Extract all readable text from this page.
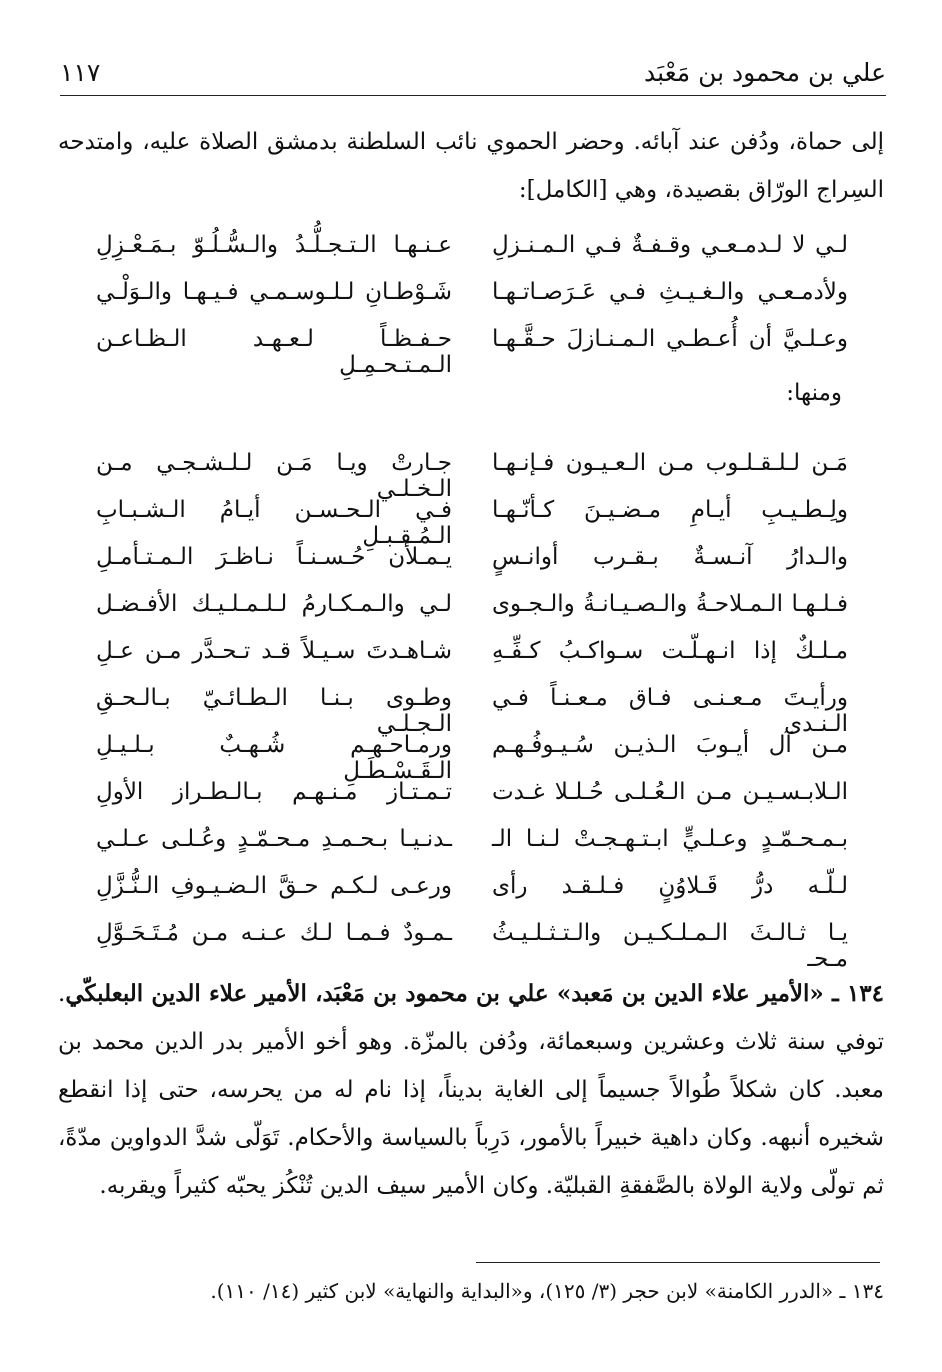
علي بن محمود بن مَعْبَد
١١٧
إلى حماة، ودُفن عند آبائه. وحضر الحموي نائب السلطنة بدمشق الصلاة عليه، وامتدحه السِراج الورّاق بقصيدة، وهي [الكامل]:
لـي لا لـدمـعـي وقـفـةٌ فـي الـمـنـزلِ
عـنـهـا الـتـجـلُّـدُ والـسُّـلُـوّ بـمَـعْـزِلِ
ولأدمـعـي والـغـيـثِ فـي عَـرَصـاتـهـا
شَـوْطـانِ لـلـوسـمـي فـيـهـا والـوَلْـي
وعـلـيَّ أن أُعـطـي الـمـنـازلَ حـقَّـهـا
حـفـظـاً لـعـهـد الـظـاعـن الـمـتـحـمِـلِ
ومنها:
مَـن لـلـقـلـوب مـن الـعـيـون فـإنـهـا
جـارتْ ويـا مَـن لـلـشـجـي مـن الـخـلـي
ولِـطـيـبِ أيـامِ مـضـيـنَ كـأنّـهـا
فـي الـحـسـن أيـامُ الـشـبـابِ الـمُـقـبـلِ
والـدارُ آنـسـةٌ بـقـرب أوانـسٍ
يـمـلأن حُـسـنـاً نـاظـرَ الـمـتـأمـلِ
فـلـهـا الـمـلاحـةُ والـصـيـانـةُ والـجـوى
لـي والـمـكـارمُ لـلـمـلـيـك الأفـضـل
مـلـكٌ إذا انـهـلّـت سـواكـبُ كـفِّـهِ
شـاهـدتَ سـيـلاً قـد تـحـدَّر مـن عـلِ
ورأيـتَ مـعـنـى فـاق مـعـنـاً فـي الـنـدى
وطـوى بـنـا الـطـائـيّ بـالـحـقِ الـجـلـي
مـن آل أيـوبَ الـذيـن سُـيـوفُـهـم
ورمـاحـهـم شُـهـبٌ بـلـيـلِ الـقَـسْـطَـلِ
الـلابـسـيـن مـن الـعُـلـى حُـلـلا غـدت
تـمـتـاز مـنـهـم بـالـطـراز الأولِ
بـمـحـمّـدٍ وعـلـيٍّ ابـتـهـجـتْ لـنـا الـ
ـدنـيـا بـحـمـدِ مـحـمّـدٍ وعُـلـى عـلـي
لـلّـه درُّ قَـلاوُنٍ فـلـقـد رأى
ورعـى لـكـم حـقَّ الـضـيـوفِ الـنُّـزَّلِ
يـا ثـالـثَ الـمـلـكـيـن والـتـثـلـيـثُ مـحـ
ـمـودٌ فـمـا لـك عـنـه مـن مُـتَـحَـوَّلِ
١٣٤ ـ «الأمير علاء الدين بن مَعبد» علي بن محمود بن مَعْبَد، الأمير علاء الدين البعلبكّي. توفي سنة ثلاث وعشرين وسبعمائة، ودُفن بالمزّة. وهو أخو الأمير بدر الدين محمد بن معبد. كان شكلاً طُوالاً جسيماً إلى الغاية بديناً، إذا نام له من يحرسه، حتى إذا انقطع شخيره أنبهه. وكان داهية خبيراً بالأمور، دَرِباً بالسياسة والأحكام. تَوَلّى شدَّ الدواوين مدّةً، ثم تولّى ولاية الولاة بالصَّفقةِ القبليّة. وكان الأمير سيف الدين تُنْكُز يحبّه كثيراً ويقربه.
١٣٤ ـ «الدرر الكامنة» لابن حجر (٣/ ١٢٥)، و«البداية والنهاية» لابن كثير (١٤/ ١١٠).
